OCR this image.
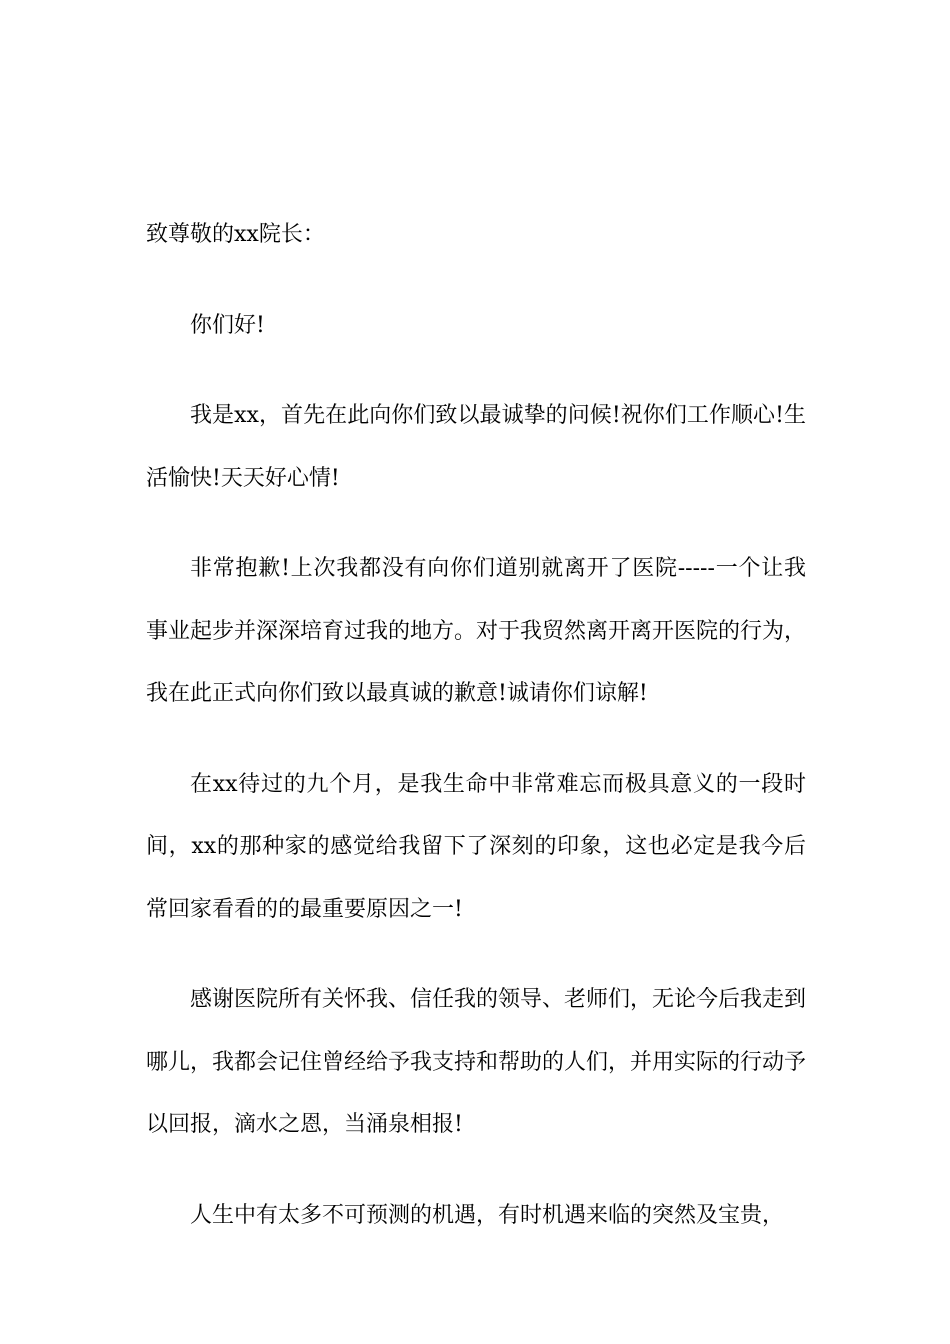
致尊敬的xx院长：

你们好!

我是xx，首先在此向你们致以最诚挚的问候!祝你们工作顺心!生活愉快!天天好心情!

非常抱歉!上次我都没有向你们道别就离开了医院-----一个让我事业起步并深深培育过我的地方。对于我贸然离开离开医院的行为，我在此正式向你们致以最真诚的歉意!诚请你们谅解!

在xx待过的九个月，是我生命中非常难忘而极具意义的一段时间，xx的那种家的感觉给我留下了深刻的印象，这也必定是我今后常回家看看的的最重要原因之一!

感谢医院所有关怀我、信任我的领导、老师们，无论今后我走到哪儿，我都会记住曾经给予我支持和帮助的人们，并用实际的行动予以回报，滴水之恩，当涌泉相报!

人生中有太多不可预测的机遇，有时机遇来临的突然及宝贵，
